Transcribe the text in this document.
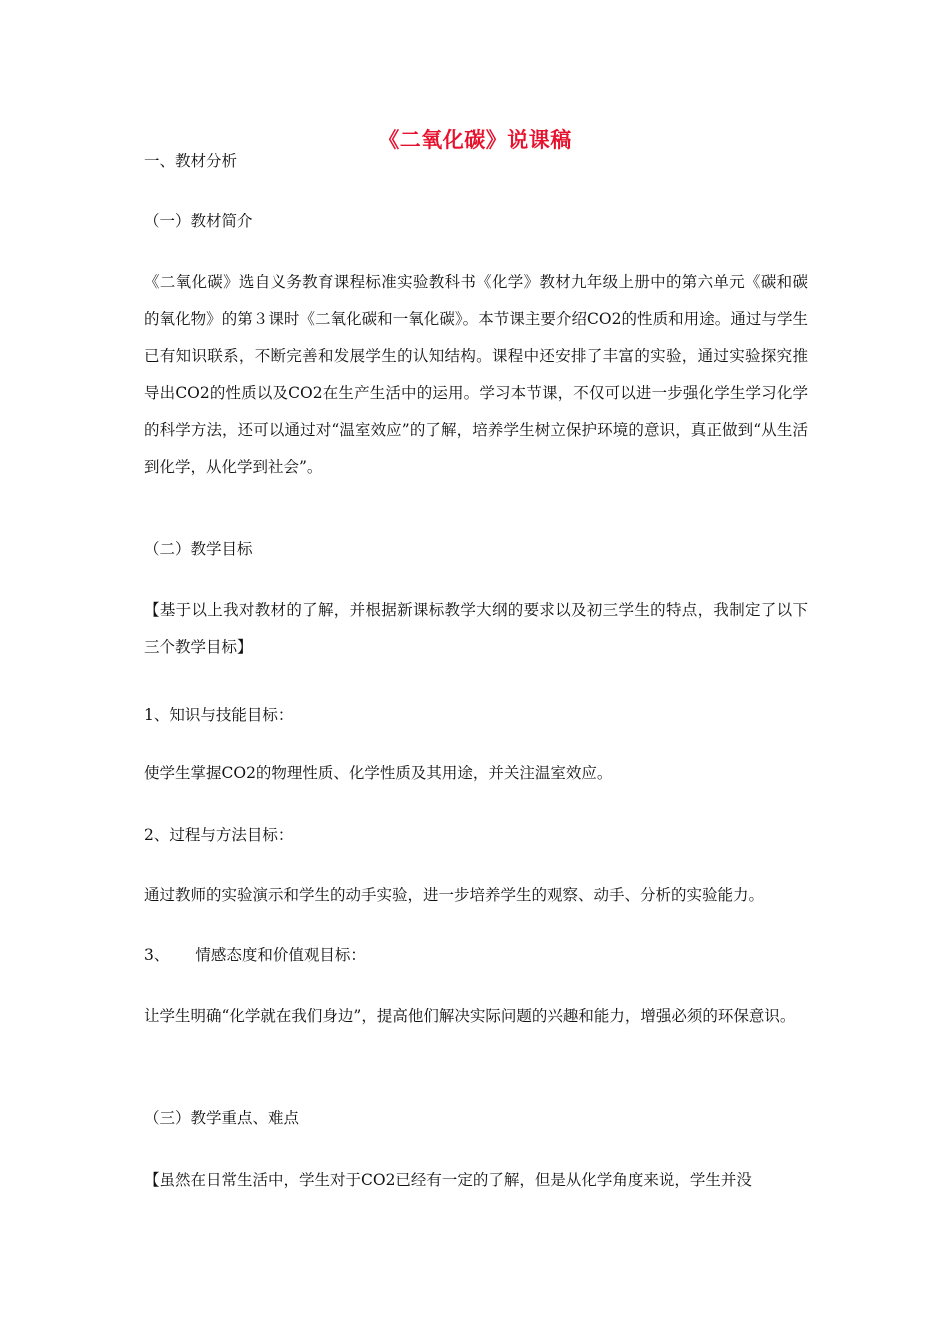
《二氧化碳》说课稿
一、教材分析
（一）教材简介
《二氧化碳》选自义务教育课程标准实验教科书《化学》教材九年级上册中的第六单元《碳和碳的氧化物》的第３课时《二氧化碳和一氧化碳》。本节课主要介绍CO2的性质和用途。通过与学生已有知识联系，不断完善和发展学生的认知结构。课程中还安排了丰富的实验，通过实验探究推导出CO2的性质以及CO2在生产生活中的运用。学习本节课，不仅可以进一步强化学生学习化学的科学方法，还可以通过对“温室效应”的了解，培养学生树立保护环境的意识，真正做到“从生活到化学，从化学到社会”。
（二）教学目标
【基于以上我对教材的了解，并根据新课标教学大纲的要求以及初三学生的特点，我制定了以下三个教学目标】
1、知识与技能目标：
使学生掌握CO2的物理性质、化学性质及其用途，并关注温室效应。
2、过程与方法目标：
通过教师的实验演示和学生的动手实验，进一步培养学生的观察、动手、分析的实验能力。
3、 情感态度和价值观目标：
让学生明确“化学就在我们身边”，提高他们解决实际问题的兴趣和能力，增强必须的环保意识。
（三）教学重点、难点
【虽然在日常生活中，学生对于CO2已经有一定的了解，但是从化学角度来说，学生并没
